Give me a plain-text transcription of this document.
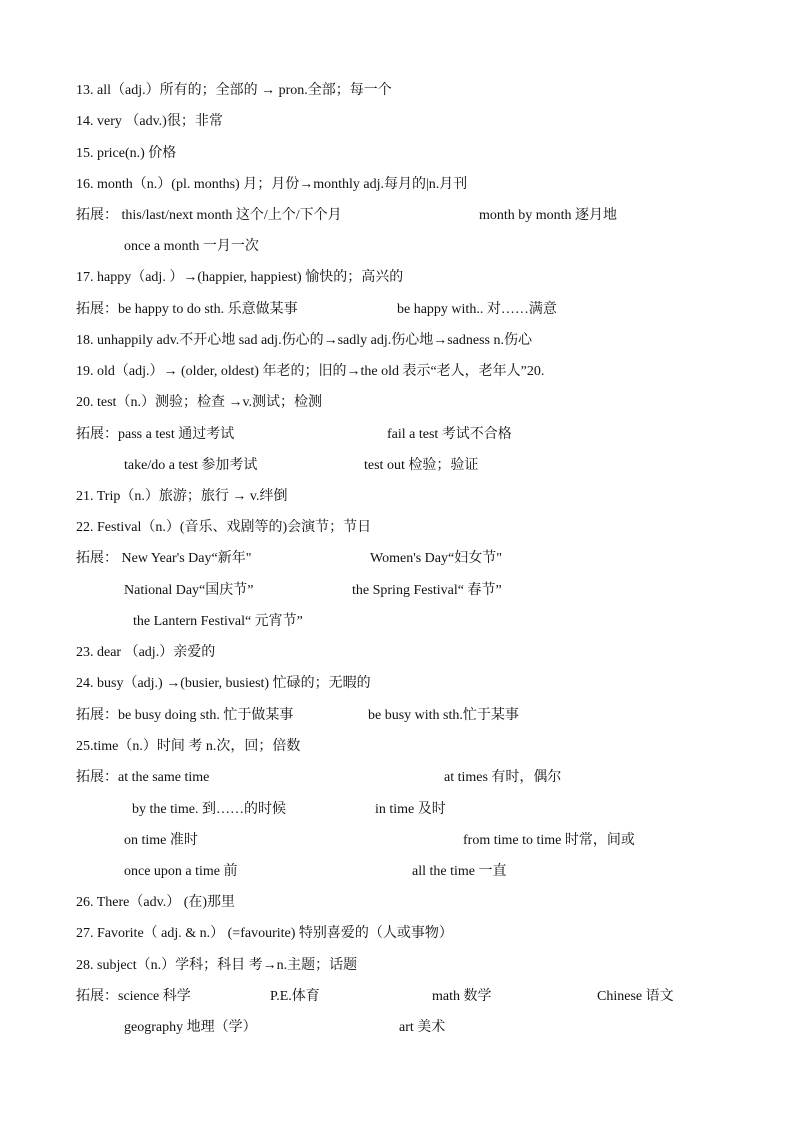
13. all（adj.）所有的；全部的 → pron.全部；每一个
14. very （adv.)很；非常
15. price(n.) 价格
16. month（n.）(pl. months) 月；月份→monthly adj.每月的|n.月刊
拓展： this/last/next month 这个/上个/下个月	month by month 逐月地
once a month 一月一次
17. happy（adj. ）→(happier, happiest) 愉快的；高兴的
拓展：be happy to do sth. 乐意做某事	be happy with.. 对……满意
18. unhappily adv.不开心地 sad adj.伤心的→sadly adj.伤心地→sadness n.伤心
19. old（adj.）→ (older, oldest) 年老的；旧的→the old 表示“老人，老年人”20.
20. test（n.）测验；检查 →v.测试；检测
拓展：pass a test 通过考试	fail a test 考试不合格
take/do a test 参加考试	test out 检验；验证
21. Trip（n.）旅游；旅行 → v.绊倒
22. Festival（n.）(音乐、戏剧等的)会演节；节日
拓展： New Year's Day“新年"	Women's Day“妇女节"
National Day“国庆节”	the Spring Festival“ 春节”
the Lantern Festival“ 元宵节”
23. dear （adj.）亲爱的
24. busy（adj.) →(busier, busiest) 忙碌的；无暇的
拓展：be busy doing sth. 忙于做某事	be busy with sth.忙于某事
25.time（n.）时间 考 n.次，回；倍数
拓展：at the same time	at times 有时，偶尔
by the time. 到……的时候	in time 及时
on time 准时	from time to time 时常，间或
once upon a time 前	all the time 一直
26. There（adv.） (在)那里
27. Favorite（ adj. & n.） (=favourite) 特别喜爱的（人或事物）
28. subject（n.）学科；科目 考→n.主题；话题
拓展：science 科学	P.E.体育	math 数学	Chinese 语文
geography 地理（学）	art 美术
